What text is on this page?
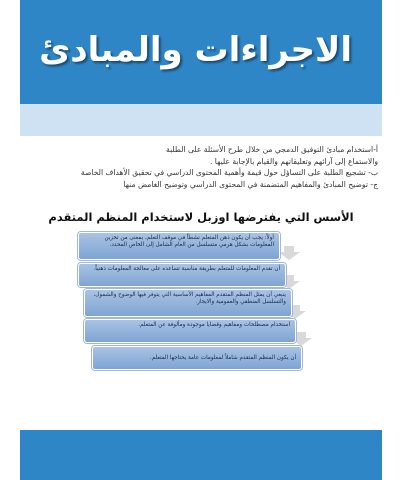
الاجراءات والمبادئ
أ-استخدام مبادئ التوفيق الدمجي من خلال طرح الأسئلة على الطلبة
والاستماع إلى آرائهم وتعليقاتهم والقيام بالإجابة عليها .
ب- تشجيع الطلبة على التساؤل حول قيمة وأهمية المحتوى الدراسي في تحقيق الأهداف الخاصة
ج- توضيح المبادئ والمفاهيم المتضمنة في المحتوى الدراسي وتوضيح الغامض منها
الأسس التي يفترضها اوزبل لاستخدام المنظم المتقدم
أولاً: يجب أن يكون ذهن المتعلم نشطاً في موقف التعلم، بمعنى من تخزين المعلومات بشكل هرمي متسلسل من العام الشامل إلى الخاص المحدد.
أن تقدم المعلومات للمتعلم بطريقة مناسبة تساعده على معالجة المعلومات ذهنياً.
ينبغي أن يمثل المنظم المتقدم المفاهيم الأساسية التي يتوفر فيها الوضوح والشمول، والتسلسل المنطقي والعمومية والايجاز.
استخدام مصطلحات ومفاهيم وقضايا موجودة ومألوفة عن المتعلم.
أن يكون المنظم المتقدم شاملاً لمعلومات عامة يحتاجها المتعلم.
